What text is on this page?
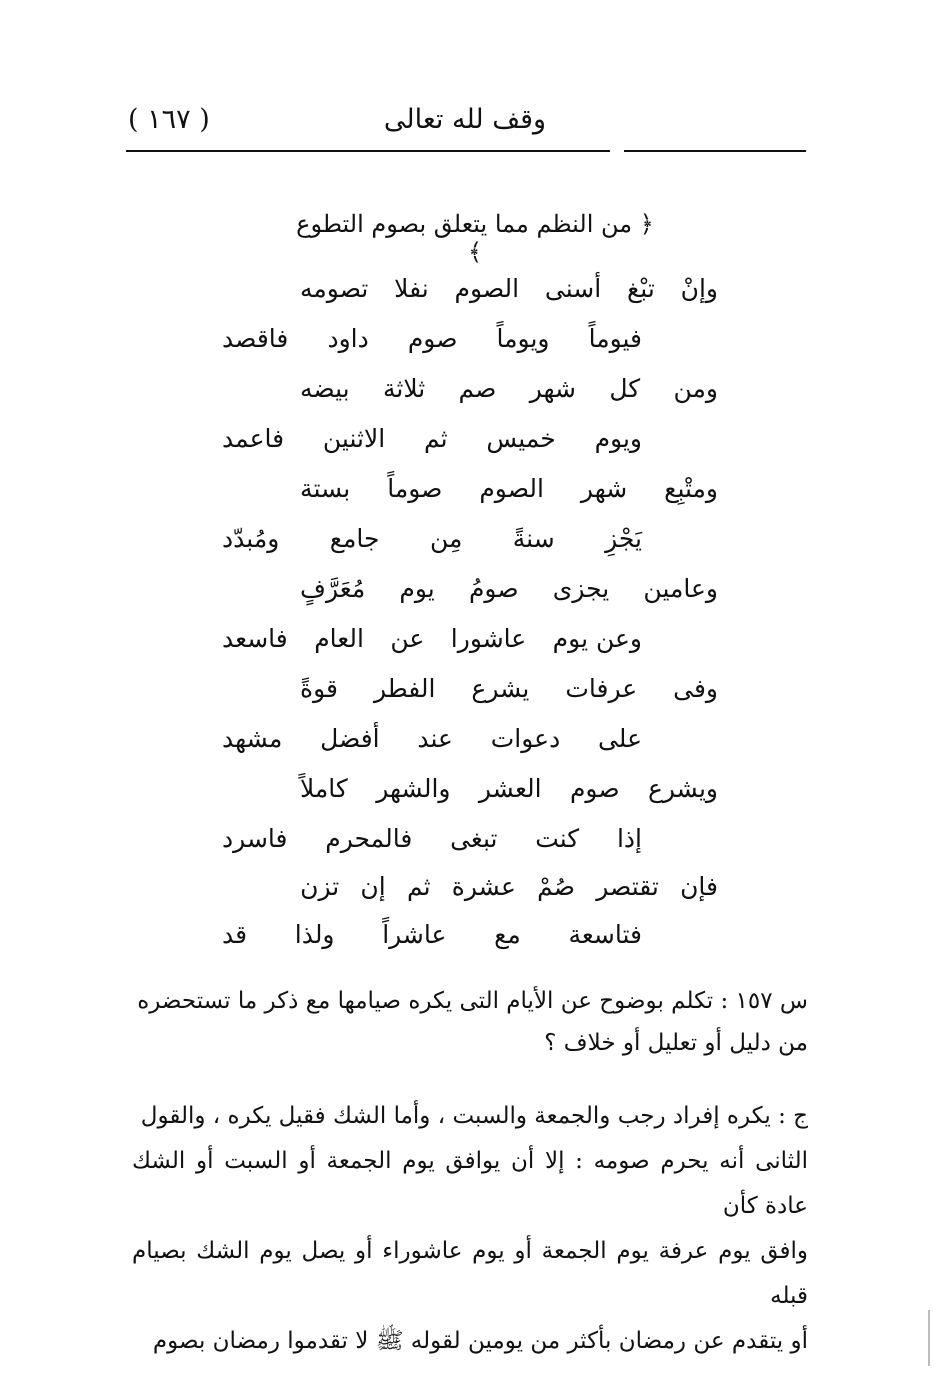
وقف لله تعالى
( ١٦٧ )
﴿ من النظم مما يتعلق بصوم التطوع ﴾
وإنْ
تبْغ
أسنى
الصوم
نفلا
تصومه
فيوماً
ويوماً
صوم
داود
فاقصد
ومن
كل
شهر
صم
ثلاثة
بيضه
ويوم
خميس
ثم
الاثنين
فاعمد
ومتْبِع
شهر
الصوم
صوماً
بستة
يَجْزِ
سنةً
مِن
جامع
ومُبدّد
وعامين
يجزى
صومُ
يوم
مُعَرَّفٍ
وعن يوم
عاشورا
عن
العام
فاسعد
وفى
عرفات
يشرع
الفطر
قوةً
على
دعوات
عند
أفضل
مشهد
ويشرع
صوم
العشر
والشهر
كاملاً
إذا
كنت
تبغى
فالمحرم
فاسرد
فإن
تقتصر
صُمْ
عشرة
ثم
إن
تزن
فتاسعة
مع
عاشراً
ولذا
قد

س ١٥٧ : تكلم بوضوح عن الأيام التى يكره صيامها مع ذكر ما تستحضره

من دليل أو تعليل أو خلاف ؟

ج : يكره إفراد رجب والجمعة والسبت ، وأما الشك فقيل يكره ، والقول

الثانى أنه يحرم صومه : إلا أن يوافق يوم الجمعة أو السبت أو الشك عادة كأن

وافق يوم عرفة يوم الجمعة أو يوم عاشوراء أو يصل يوم الشك بصيام قبله

أو يتقدم عن رمضان بأكثر من يومين لقوله ﷺ لا تقدموا رمضان بصوم
